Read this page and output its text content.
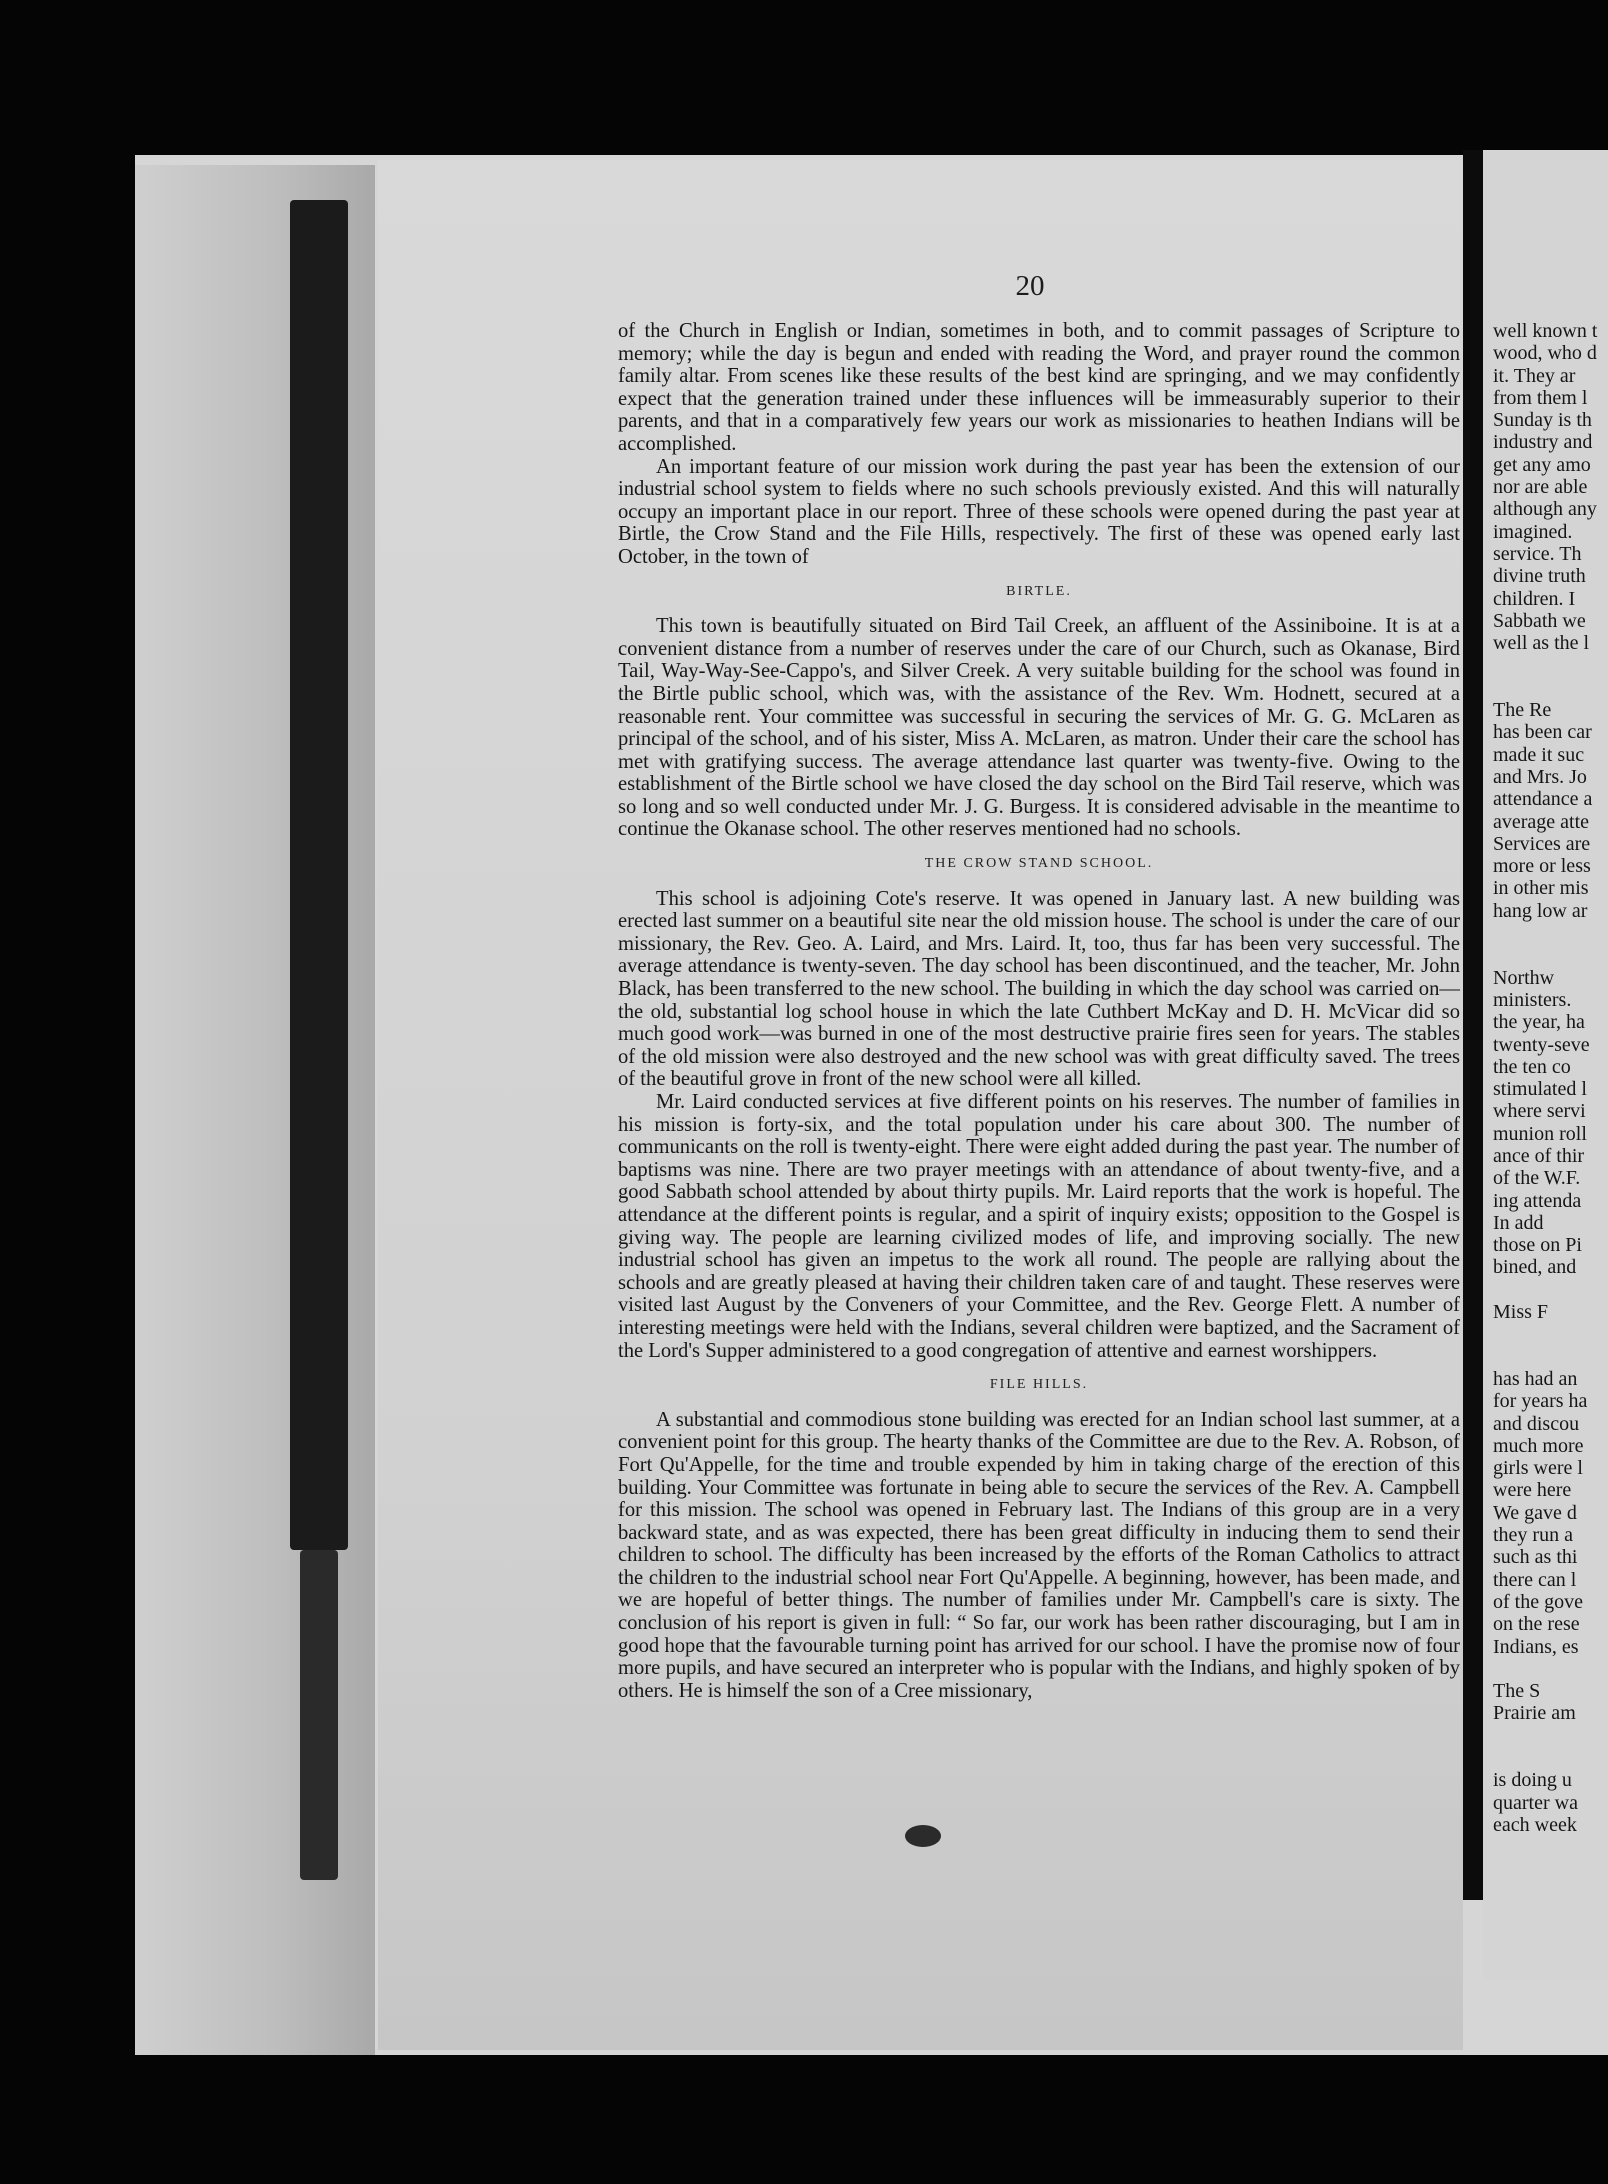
20

of the Church in English or Indian, sometimes in both, and to commit passages of Scripture to memory; while the day is begun and ended with reading the Word, and prayer round the common family altar. From scenes like these results of the best kind are springing, and we may confidently expect that the generation trained under these influences will be immeasurably superior to their parents, and that in a comparatively few years our work as missionaries to heathen Indians will be accomplished.

An important feature of our mission work during the past year has been the extension of our industrial school system to fields where no such schools previously existed. And this will naturally occupy an important place in our report. Three of these schools were opened during the past year at Birtle, the Crow Stand and the File Hills, respectively. The first of these was opened early last October, in the town of

BIRTLE.

This town is beautifully situated on Bird Tail Creek, an affluent of the Assiniboine. It is at a convenient distance from a number of reserves under the care of our Church, such as Okanase, Bird Tail, Way-Way-See-Cappo's, and Silver Creek. A very suitable building for the school was found in the Birtle public school, which was, with the assistance of the Rev. Wm. Hodnett, secured at a reasonable rent. Your committee was successful in securing the services of Mr. G. G. McLaren as principal of the school, and of his sister, Miss A. McLaren, as matron. Under their care the school has met with gratifying success. The average attendance last quarter was twenty-five. Owing to the establishment of the Birtle school we have closed the day school on the Bird Tail reserve, which was so long and so well conducted under Mr. J. G. Burgess. It is considered advisable in the meantime to continue the Okanase school. The other reserves mentioned had no schools.

THE CROW STAND SCHOOL.

This school is adjoining Cote's reserve. It was opened in January last. A new building was erected last summer on a beautiful site near the old mission house. The school is under the care of our missionary, the Rev. Geo. A. Laird, and Mrs. Laird. It, too, thus far has been very successful. The average attendance is twenty-seven. The day school has been discontinued, and the teacher, Mr. John Black, has been transferred to the new school. The building in which the day school was carried on—the old, substantial log school house in which the late Cuthbert McKay and D. H. McVicar did so much good work—was burned in one of the most destructive prairie fires seen for years. The stables of the old mission were also destroyed and the new school was with great difficulty saved. The trees of the beautiful grove in front of the new school were all killed.

Mr. Laird conducted services at five different points on his reserves. The number of families in his mission is forty-six, and the total population under his care about 300. The number of communicants on the roll is twenty-eight. There were eight added during the past year. The number of baptisms was nine. There are two prayer meetings with an attendance of about twenty-five, and a good Sabbath school attended by about thirty pupils. Mr. Laird reports that the work is hopeful. The attendance at the different points is regular, and a spirit of inquiry exists; opposition to the Gospel is giving way. The people are learning civilized modes of life, and improving socially. The new industrial school has given an impetus to the work all round. The people are rallying about the schools and are greatly pleased at having their children taken care of and taught. These reserves were visited last August by the Conveners of your Committee, and the Rev. George Flett. A number of interesting meetings were held with the Indians, several children were baptized, and the Sacrament of the Lord's Supper administered to a good congregation of attentive and earnest worshippers.

FILE HILLS.

A substantial and commodious stone building was erected for an Indian school last summer, at a convenient point for this group. The hearty thanks of the Committee are due to the Rev. A. Robson, of Fort Qu'Appelle, for the time and trouble expended by him in taking charge of the erection of this building. Your Committee was fortunate in being able to secure the services of the Rev. A. Campbell for this mission. The school was opened in February last. The Indians of this group are in a very backward state, and as was expected, there has been great difficulty in inducing them to send their children to school. The difficulty has been increased by the efforts of the Roman Catholics to attract the children to the industrial school near Fort Qu'Appelle. A beginning, however, has been made, and we are hopeful of better things. The number of families under Mr. Campbell's care is sixty. The conclusion of his report is given in full: “ So far, our work has been rather discouraging, but I am in good hope that the favourable turning point has arrived for our school. I have the promise now of four more pupils, and have secured an interpreter who is popular with the Indians, and highly spoken of by others. He is himself the son of a Cree missionary,

well known t
wood, who d
it. They ar
from them l
Sunday is th
industry and
get any amo
nor are able
although any
imagined.
service. Th
divine truth
children. I
Sabbath we
well as the l
The Re
has been car
made it suc
and Mrs. Jo
attendance a
average atte
Services are
more or less
in other mis
hang low ar
Northw
ministers.
the year, ha
twenty-seve
the ten co
stimulated l
where servi
munion roll
ance of thir
of the W.F.
ing attenda
In add
those on Pi
bined, and
Miss F
has had an
for years ha
and discou
much more
girls were l
were here
We gave d
they run a
such as thi
there can l
of the gove
on the rese
Indians, es
The S
Prairie am
is doing u
quarter wa
each week
